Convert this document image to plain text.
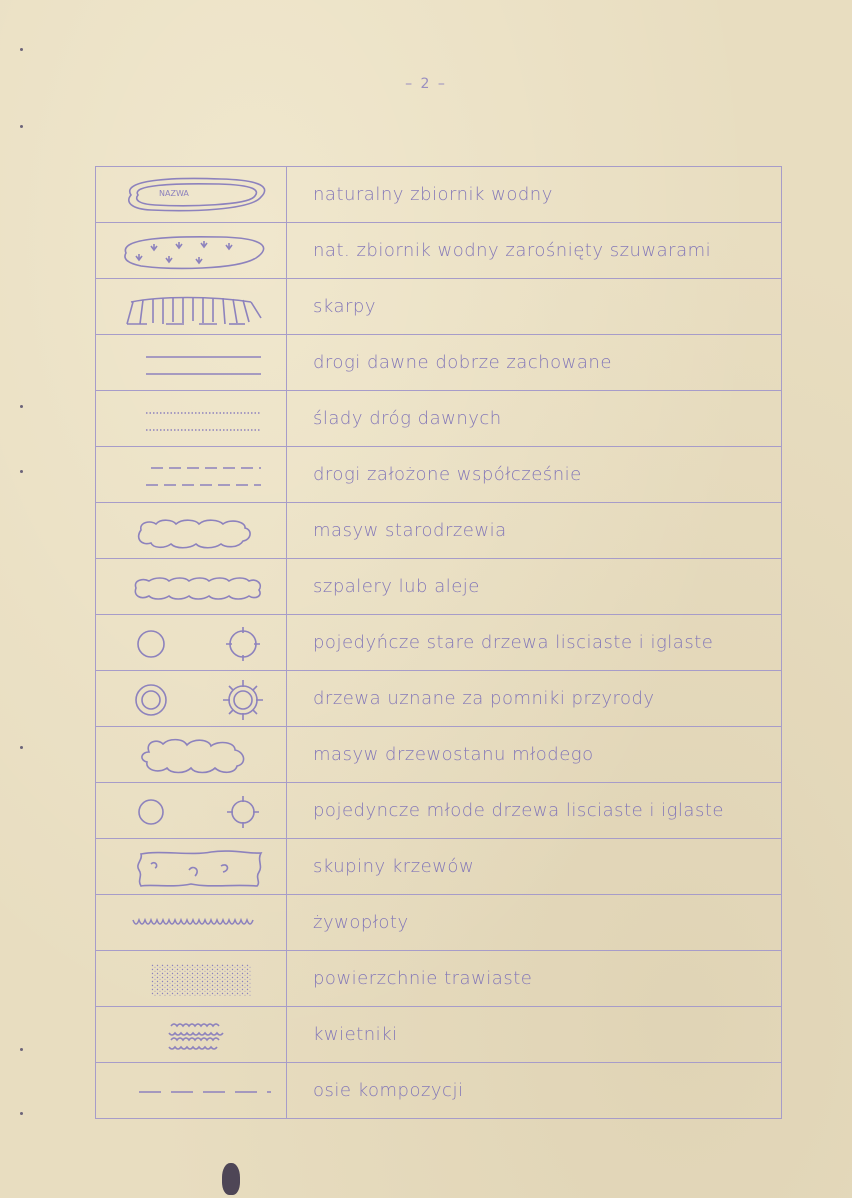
– 2 –
NAZWA	naturalny zbiornik wodny

	nat. zbiornik wodny zarośnięty szuwarami

	skarpy

	drogi dawne dobrze zachowane

	ślady dróg dawnych

	drogi założone współcześnie

	masyw starodrzewia

	szpalery lub aleje

	pojedyńcze stare drzewa lisciaste i iglaste

	drzewa uznane za pomniki przyrody

	masyw drzewostanu młodego

	pojedyncze młode drzewa lisciaste i iglaste

	skupiny krzewów

	żywopłoty

	powierzchnie trawiaste

	kwietniki

	osie kompozycji
